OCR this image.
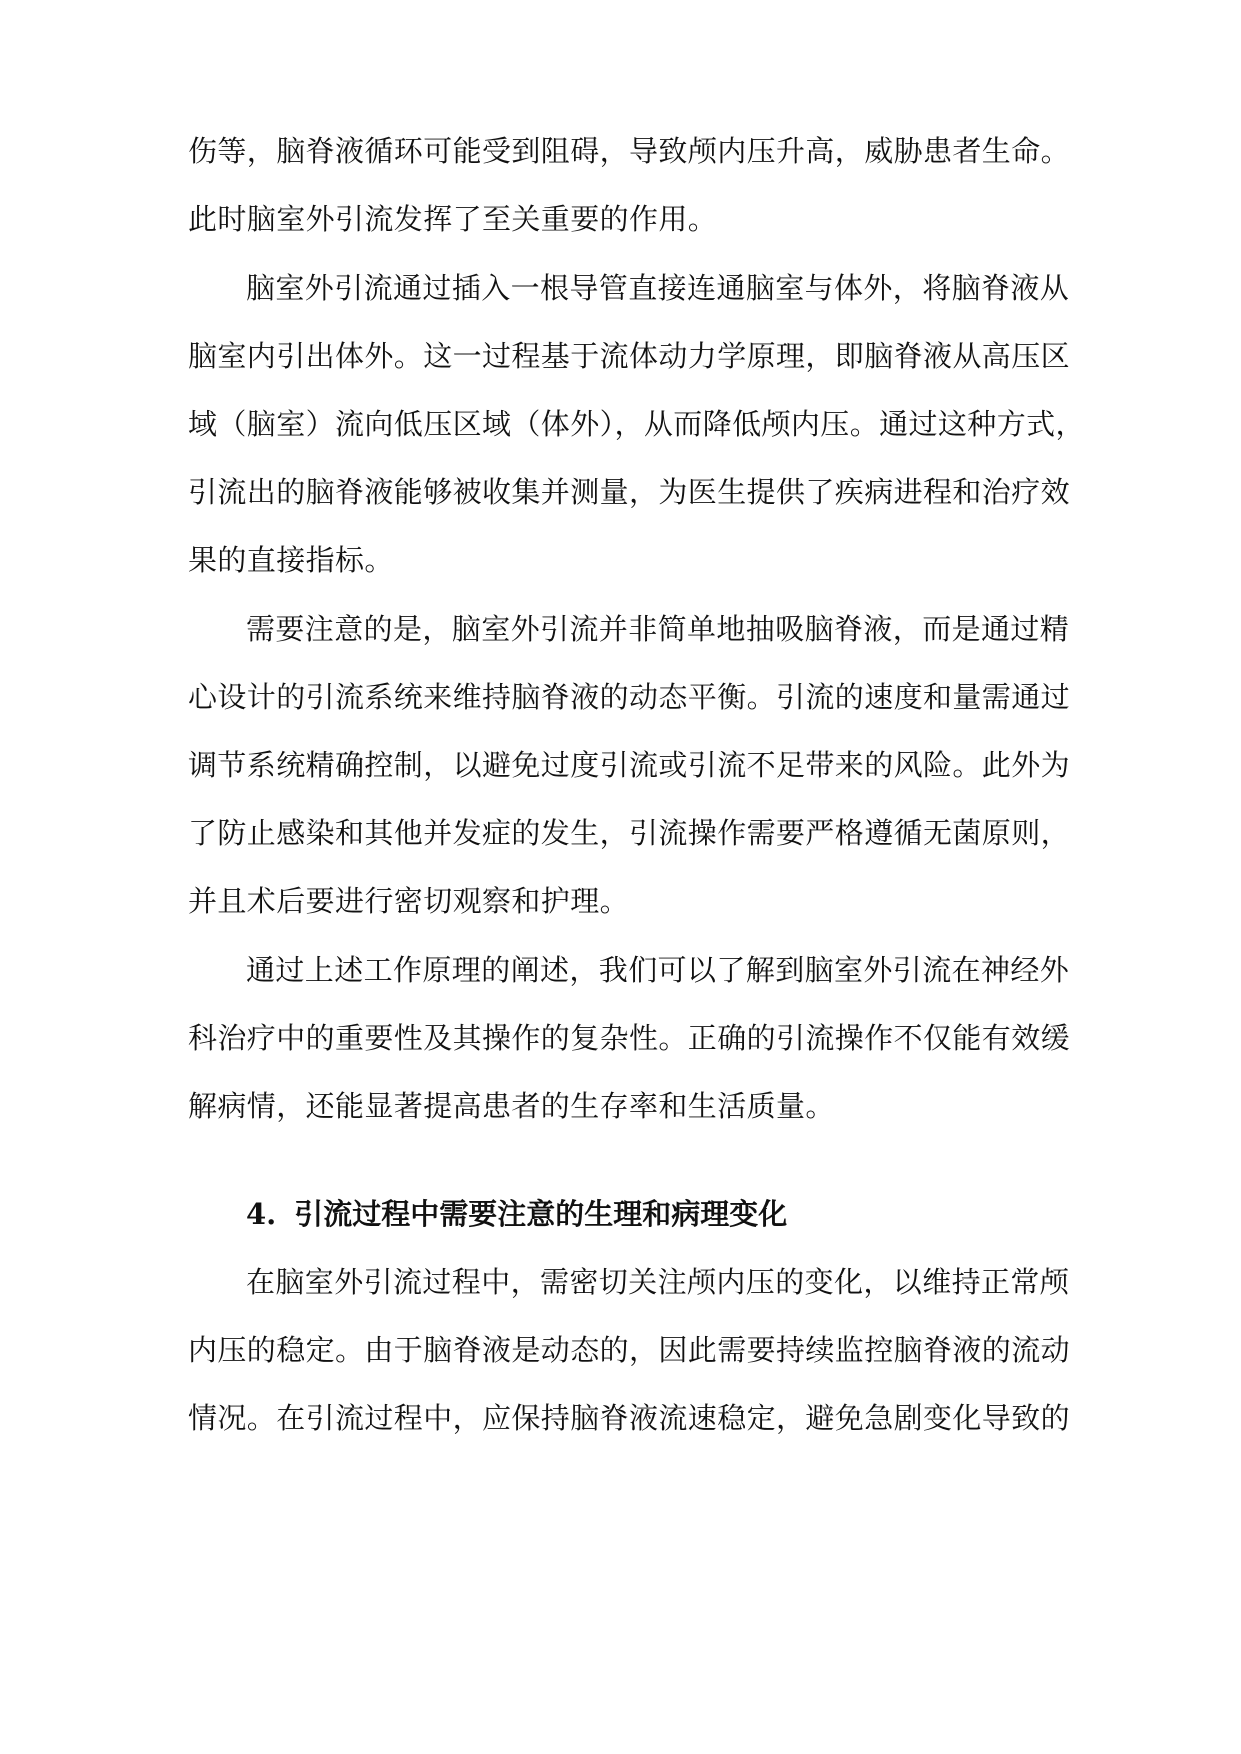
伤等，脑脊液循环可能受到阻碍，导致颅内压升高，威胁患者生命。
此时脑室外引流发挥了至关重要的作用。
脑室外引流通过插入一根导管直接连通脑室与体外，将脑脊液从
脑室内引出体外。这一过程基于流体动力学原理，即脑脊液从高压区
域（脑室）流向低压区域（体外），从而降低颅内压。通过这种方式，
引流出的脑脊液能够被收集并测量，为医生提供了疾病进程和治疗效
果的直接指标。
需要注意的是，脑室外引流并非简单地抽吸脑脊液，而是通过精
心设计的引流系统来维持脑脊液的动态平衡。引流的速度和量需通过
调节系统精确控制，以避免过度引流或引流不足带来的风险。此外为
了防止感染和其他并发症的发生，引流操作需要严格遵循无菌原则，
并且术后要进行密切观察和护理。
通过上述工作原理的阐述，我们可以了解到脑室外引流在神经外
科治疗中的重要性及其操作的复杂性。正确的引流操作不仅能有效缓
解病情，还能显著提高患者的生存率和生活质量。
4. 引流过程中需要注意的生理和病理变化
在脑室外引流过程中，需密切关注颅内压的变化，以维持正常颅
内压的稳定。由于脑脊液是动态的，因此需要持续监控脑脊液的流动
情况。在引流过程中，应保持脑脊液流速稳定，避免急剧变化导致的
